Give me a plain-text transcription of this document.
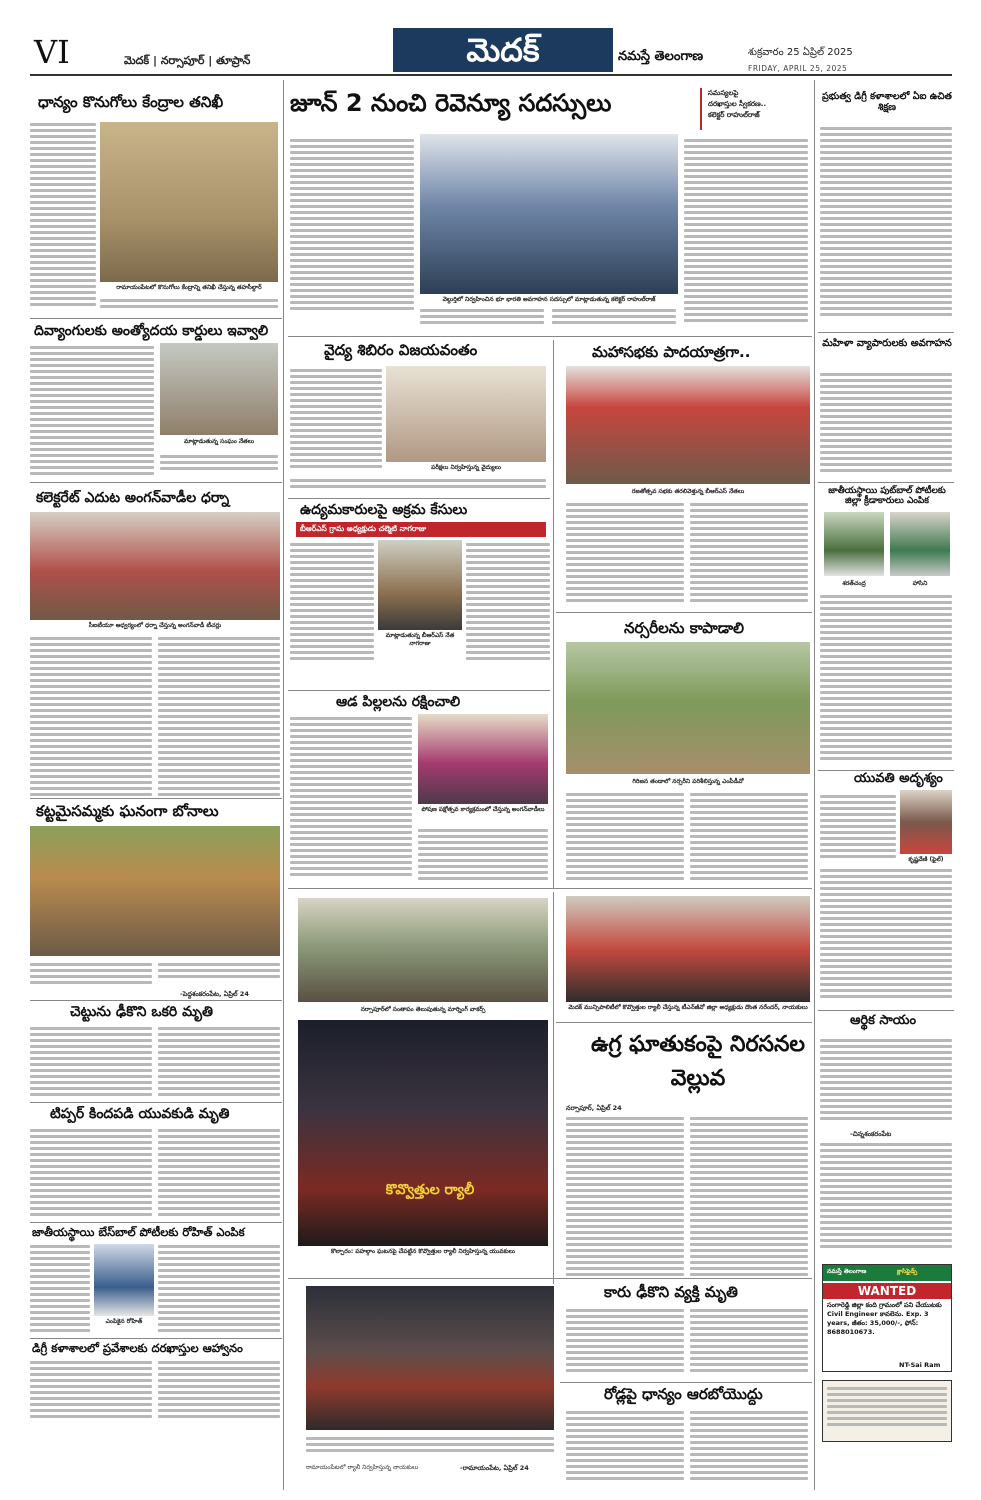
VI	మెదక్ | నర్సాపూర్ | తూప్రాన్	మెదక్	నమస్తే తెలంగాణ	శుక్రవారం 25 ఏప్రిల్ 2025
FRIDAY, APRIL 25, 2025
ధాన్యం కొనుగోలు కేంద్రాల తనిఖీ
రామాయంపేటలో కొనుగోలు కేంద్రాన్ని తనిఖీ చేస్తున్న తహసీల్దార్
దివ్యాంగులకు అంత్యోదయ కార్డులు ఇవ్వాలి
మాట్లాడుతున్న సంఘం నేతలు
కలెక్టరేట్ ఎదుట అంగన్‌వాడీల ధర్నా
సీఐటీయూ ఆధ్వర్యంలో ధర్నా చేస్తున్న అంగన్‌వాడీ టీచర్లు
కట్టమైసమ్మకు ఘనంగా బోనాలు
-పెద్దశంకరంపేట, ఏప్రిల్ 24
చెట్టును ఢీకొని ఒకరి మృతి
టిప్పర్ కిందపడి యువకుడి మృతి
జాతీయస్థాయి బేస్‌బాల్ పోటీలకు రోహిత్ ఎంపిక
ఎంపికైన రోహిత్
డిగ్రీ కళాశాలలో ప్రవేశాలకు దరఖాస్తుల ఆహ్వానం
జూన్ 2 నుంచి రెవెన్యూ సదస్సులు	సమస్యలపై
దరఖాస్తుల స్వీకరణ..
కలెక్టర్ రాహుల్‌రాజ్
వెల్దుర్తిలో నిర్వహించిన భూ భారతి అవగాహన సదస్సులో మాట్లాడుతున్న కలెక్టర్ రాహుల్‌రాజ్
వైద్య శిబిరం విజయవంతం
పరీక్షలు నిర్వహిస్తున్న వైద్యులు
ఉద్యమకారులపై అక్రమ కేసులు
బీఆర్‌ఎస్ గ్రామ అధ్యక్షుడు చల్మెటి నాగరాజు
మాట్లాడుతున్న బీఆర్‌ఎస్ నేత నాగరాజు
ఆడ పిల్లలను రక్షించాలి
పోషణ పక్షోత్సవ కార్యక్రమంలో చేస్తున్న అంగన్‌వాడీలు
మహాసభకు పాదయాత్రగా..
రజతోత్సవ సభకు తరలివెళ్తున్న బీఆర్‌ఎస్ నేతలు
నర్సరీలను కాపాడాలి
గిరిజన తండాలో నర్సరీని పరిశీలిస్తున్న ఎంపీడీవో
నర్సాపూర్‌లో సంతాపం తెలుపుతున్న మార్నింగ్ వాకర్స్	మెదక్ మున్సిపాలిటీలో కొవ్వొత్తుల ర్యాలీ చేస్తున్న టీఎన్‌జీవో జిల్లా అధ్యక్షుడు దొంత నరేందర్, నాయకులు
ఉగ్ర ఘాతుకంపై నిరసనల వెల్లువ
నర్సాపూర్, ఏప్రిల్ 24
కొవ్వొత్తుల ర్యాలీ
కొల్చారం: పహల్గాం ఘటనపై చేపట్టిన కొవ్వొత్తుల ర్యాలీ నిర్వహిస్తున్న యువకులు
రామాయంపేటలో ర్యాలీ నిర్వహిస్తున్న నాయకులు	-రామాయంపేట, ఏప్రిల్ 24
కారు ఢీకొని వ్యక్తి మృతి
రోడ్లపై ధాన్యం ఆరబోయొద్దు
ప్రభుత్వ డిగ్రీ కళాశాలలో ఏఐ ఉచిత శిక్షణ
మహిళా వ్యాపారులకు అవగాహన
జాతీయస్థాయి పుట్‌బాల్ పోటీలకు జిల్లా క్రీడాకారులు ఎంపిక
శరత్‌చంద్ర	హాసిని
యువతి అదృశ్యం
కృష్ణవేణి (ఫైల్)
ఆర్థిక సాయం
-చిన్నశంకరంపేట
నమస్తే తెలంగాణ	క్లాసిఫైడ్స్
WANTED
సంగారెడ్డి జిల్లా కంది గ్రామంలో పని చేయుటకు Civil Engineer కావలెను. Exp. 3 years, జీతం: 35,000/-, ఫోన్: 8688010673.
NT-Sai Ram
